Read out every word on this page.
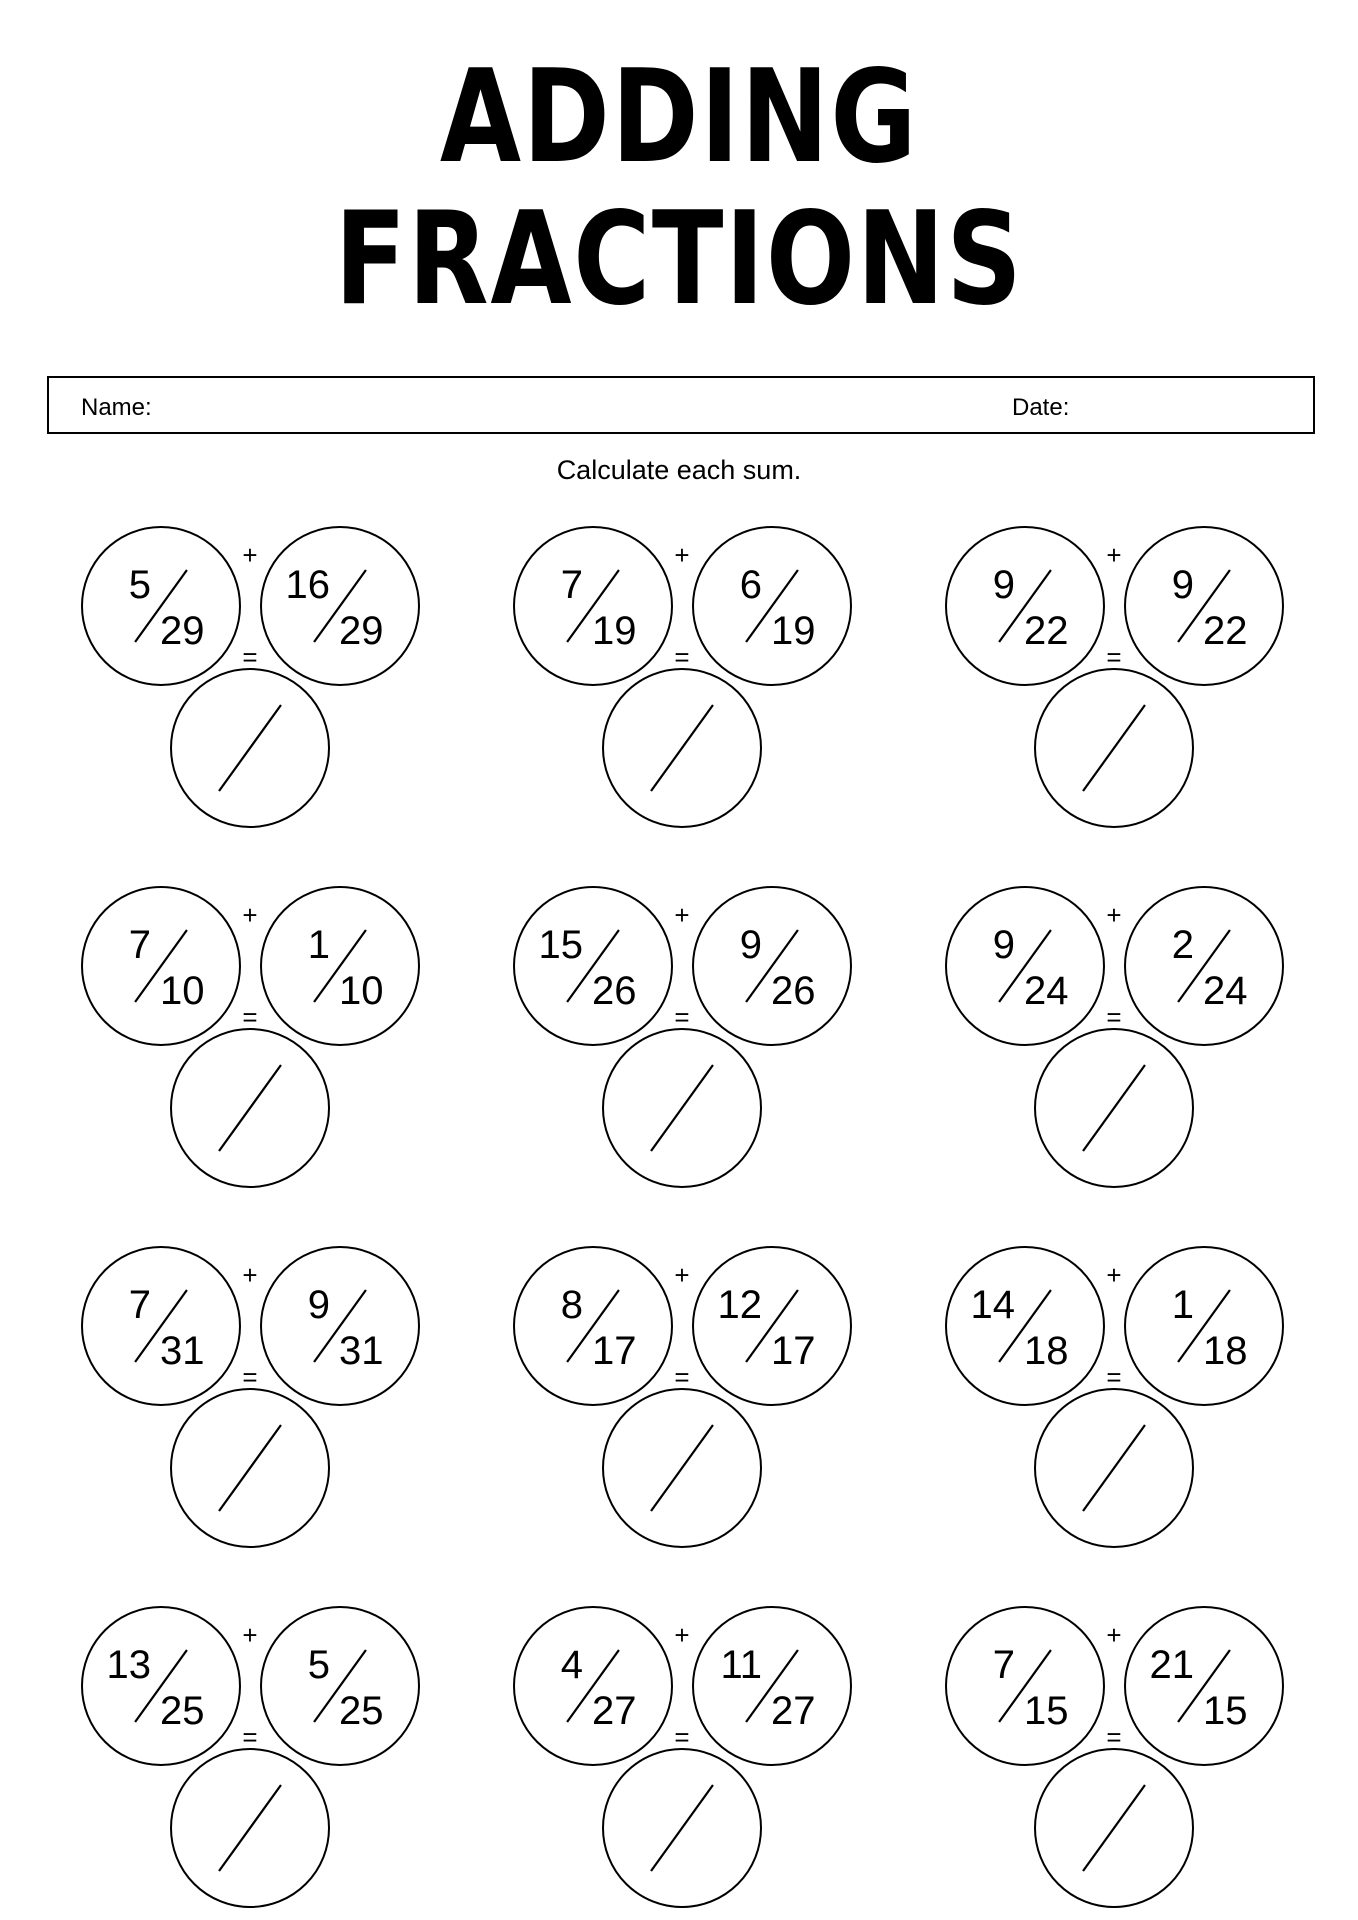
ADDING
FRACTIONS
Name:	Date:
Calculate each sum.
5
29
16
29
+
=
7
19
6
19
+
=
9
22
9
22
+
=
7
10
1
10
+
=
15
26
9
26
+
=
9
24
2
24
+
=
7
31
9
31
+
=
8
17
12
17
+
=
14
18
1
18
+
=
13
25
5
25
+
=
4
27
11
27
+
=
7
15
21
15
+
=
